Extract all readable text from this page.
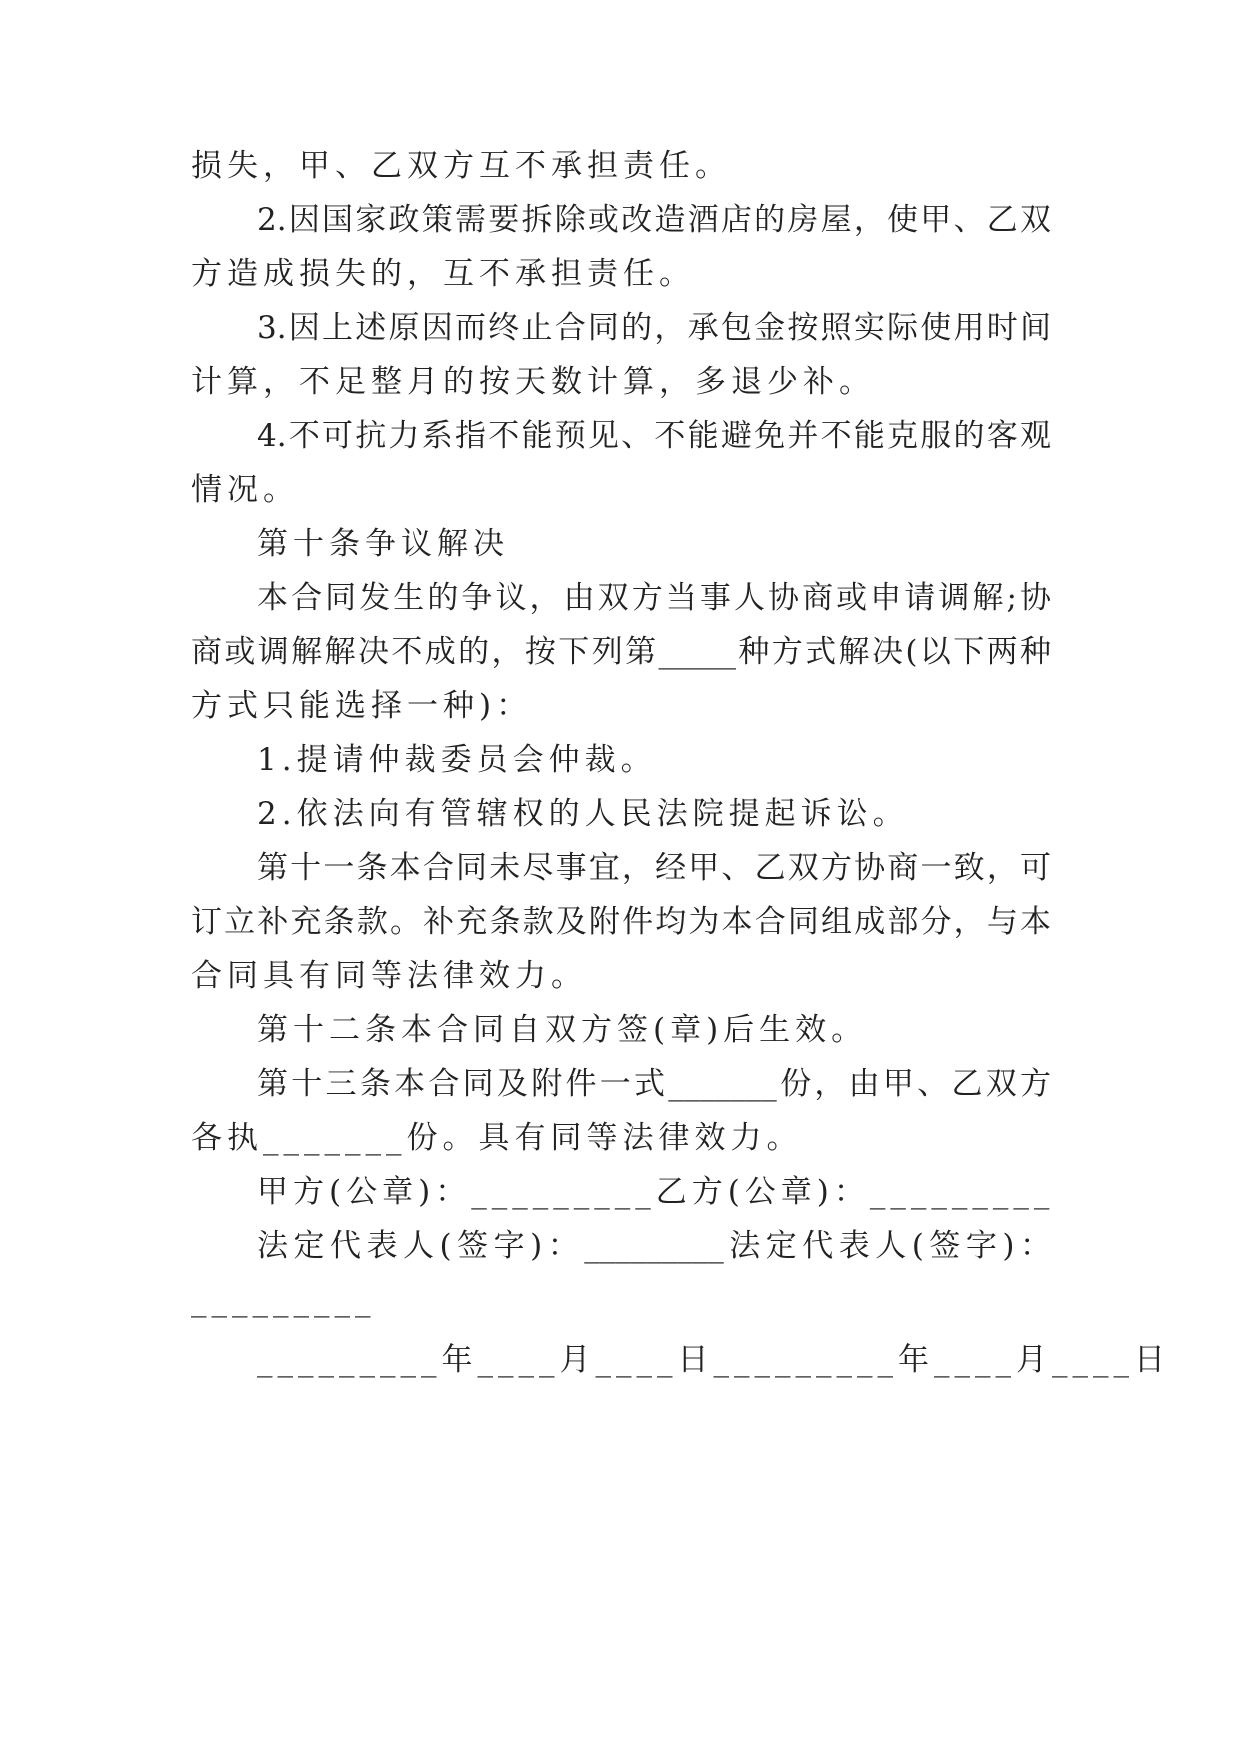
损失，甲、乙双方互不承担责任。
2.因国家政策需要拆除或改造酒店的房屋，使甲、乙双
方造成损失的，互不承担责任。
3.因上述原因而终止合同的，承包金按照实际使用时间
计算，不足整月的按天数计算，多退少补。
4.不可抗力系指不能预见、不能避免并不能克服的客观
情况。
第十条争议解决
本合同发生的争议，由双方当事人协商或申请调解;协
商或调解解决不成的，按下列第_____种方式解决(以下两种
方式只能选择一种)：
1.提请仲裁委员会仲裁。
2.依法向有管辖权的人民法院提起诉讼。
第十一条本合同未尽事宜，经甲、乙双方协商一致，可
订立补充条款。补充条款及附件均为本合同组成部分，与本
合同具有同等法律效力。
第十二条本合同自双方签(章)后生效。
第十三条本合同及附件一式_______份，由甲、乙双方
各执_______份。具有同等法律效力。
甲方(公章)：_________乙方(公章)：_________
法定代表人(签字)：_________法定代表人(签字)：
_________
_________年____月____日_________年____月____日
